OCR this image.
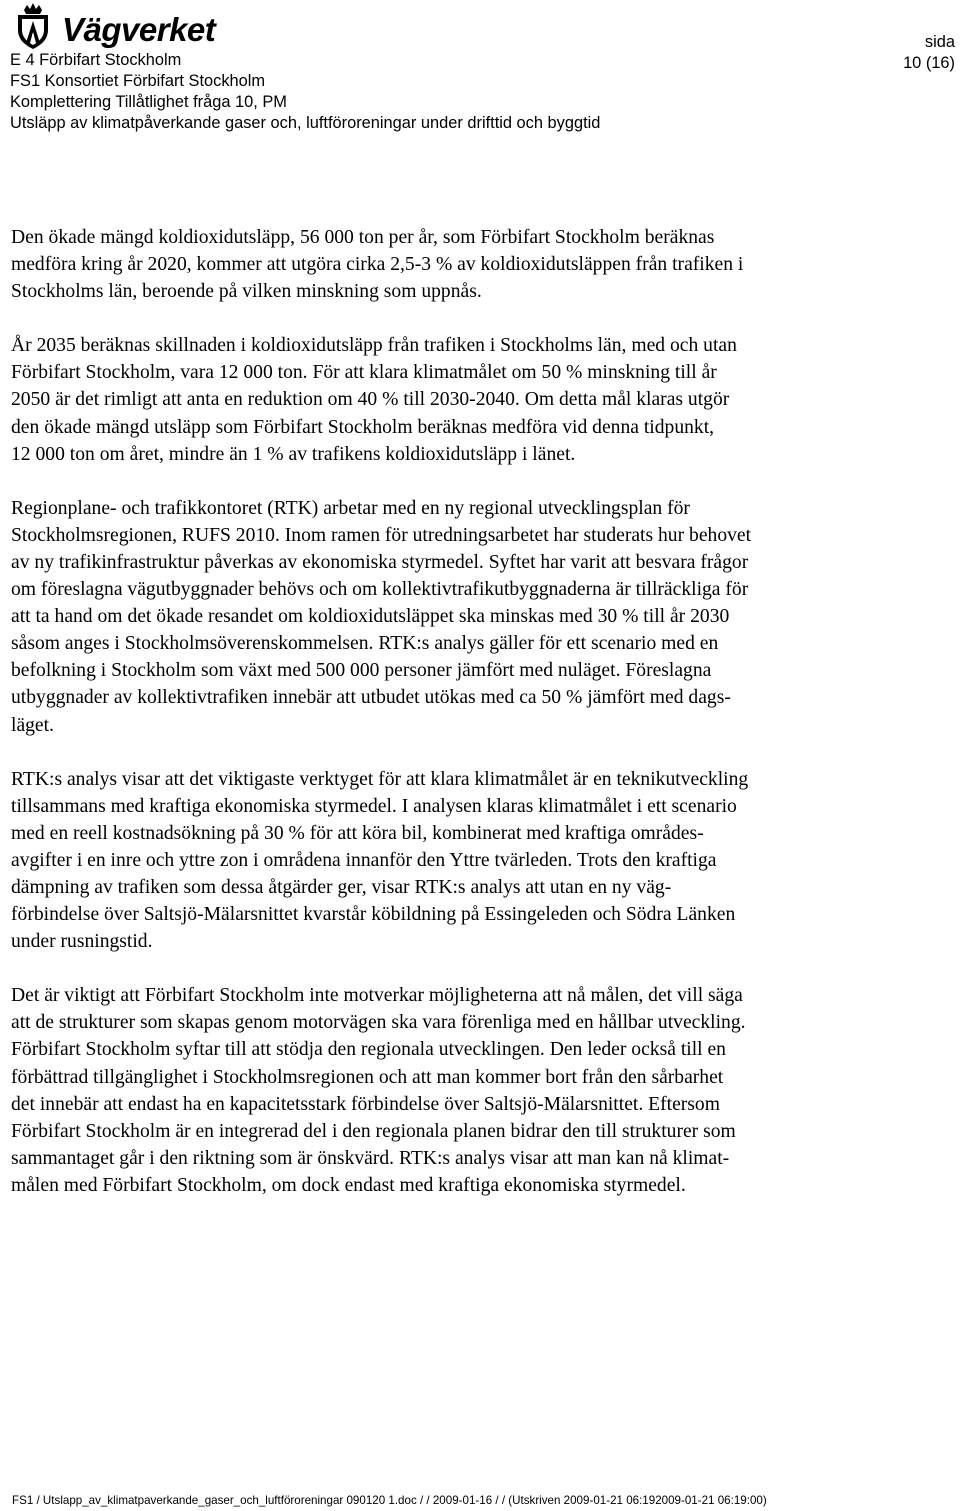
Vägverket
E 4 Förbifart Stockholm
FS1 Konsortiet Förbifart Stockholm
Komplettering Tillåtlighet fråga 10, PM
Utsläpp av klimatpåverkande gaser och, luftföroreningar under drifttid och byggtid
sida
10 (16)

Den ökade mängd koldioxidutsläpp, 56 000 ton per år, som Förbifart Stockholm beräknas
medföra kring år 2020, kommer att utgöra cirka 2,5-3 % av koldioxidutsläppen från trafiken i
Stockholms län, beroende på vilken minskning som uppnås.

År 2035 beräknas skillnaden i koldioxidutsläpp från trafiken i Stockholms län, med och utan
Förbifart Stockholm, vara 12 000 ton. För att klara klimatmålet om 50 % minskning till år
2050 är det rimligt att anta en reduktion om 40 % till 2030-2040. Om detta mål klaras utgör
den ökade mängd utsläpp som Förbifart Stockholm beräknas medföra vid denna tidpunkt,
12 000 ton om året, mindre än 1 % av trafikens koldioxidutsläpp i länet.

Regionplane- och trafikkontoret (RTK) arbetar med en ny regional utvecklingsplan för
Stockholmsregionen, RUFS 2010. Inom ramen för utredningsarbetet har studerats hur behovet
av ny trafikinfrastruktur påverkas av ekonomiska styrmedel. Syftet har varit att besvara frågor
om föreslagna vägutbyggnader behövs och om kollektivtrafikutbyggnaderna är tillräckliga för
att ta hand om det ökade resandet om koldioxidutsläppet ska minskas med 30 % till år 2030
såsom anges i Stockholmsöverenskommelsen. RTK:s analys gäller för ett scenario med en
befolkning i Stockholm som växt med 500 000 personer jämfört med nuläget. Föreslagna
utbyggnader av kollektivtrafiken innebär att utbudet utökas med ca 50 % jämfört med dags-
läget.

RTK:s analys visar att det viktigaste verktyget för att klara klimatmålet är en teknikutveckling
tillsammans med kraftiga ekonomiska styrmedel. I analysen klaras klimatmålet i ett scenario
med en reell kostnadsökning på 30 % för att köra bil, kombinerat med kraftiga områdes-
avgifter i en inre och yttre zon i områdena innanför den Yttre tvärleden. Trots den kraftiga
dämpning av trafiken som dessa åtgärder ger, visar RTK:s analys att utan en ny väg-
förbindelse över Saltsjö-Mälarsnittet kvarstår köbildning på Essingeleden och Södra Länken
under rusningstid.

Det är viktigt att Förbifart Stockholm inte motverkar möjligheterna att nå målen, det vill säga
att de strukturer som skapas genom motorvägen ska vara förenliga med en hållbar utveckling.
Förbifart Stockholm syftar till att stödja den regionala utvecklingen. Den leder också till en
förbättrad tillgänglighet i Stockholmsregionen och att man kommer bort från den sårbarhet
det innebär att endast ha en kapacitetsstark förbindelse över Saltsjö-Mälarsnittet. Eftersom
Förbifart Stockholm är en integrerad del i den regionala planen bidrar den till strukturer som
sammantaget går i den riktning som är önskvärd. RTK:s analys visar att man kan nå klimat-
målen med Förbifart Stockholm, om dock endast med kraftiga ekonomiska styrmedel.

FS1 / Utslapp_av_klimatpaverkande_gaser_och_luftföroreningar 090120 1.doc / / 2009-01-16 / / (Utskriven 2009-01-21 06:192009-01-21 06:19:00)
